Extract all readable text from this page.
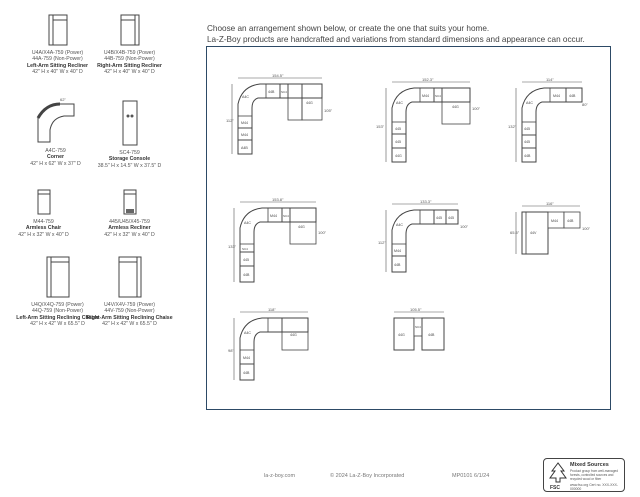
U4A/X4A-759 (Power)
44A-759 (Non-Power)
Left-Arm Sitting Recliner
42" H x 40" W x 40" D
U4B/X4B-759 (Power)
44B-759 (Non-Power)
Right-Arm Sitting Recliner
42" H x 40" W x 40" D
62"
A4C-759
Corner
42" H x 62" W x 37" D
SC4-759
Storage Console
38.5" H x 14.5" W x 37.5" D
M44-759
Armless Chair
42" H x 32" W x 40" D
445/U45/X45-759
Armless Recliner
42" H x 32" W x 40" D
U4Q/X4Q-759 (Power)
44Q-759 (Non-Power)
Left-Arm Sitting Reclining Chaise
42" H x 42" W x 65.5" D
U4V/X4V-759 (Power)
44V-759 (Non-Power)
Right-Arm Sitting Reclining Chaise
42" H x 42" W x 65.5" D
Choose an arrangement shown below, or create the one that suits your home.
La-Z-Boy products are handcrafted and variations from standard dimensions and appearance can occur.
154.5"
112"
105"
A4C
M44
M44
A4B
44B SC4
44G
152.3"
153"
100"
A4C
M44 SC4
44G
445
445
44G
114"
132"
80"
A4C
M44	44B
445
445
44B
153.8"
133"
100"
A4C
M44 SC4
44G
SC4
445
44B
133.3"
112"
100"
A4C
M44
445 445
44B
116"
65.5"
100"
44V
M44	44B
118"
98"
A4C
M44
44B
44G
105.5"
44G
SC4
44B
la-z-boy.com	© 2024 La-Z-Boy Incorporated	MP0101 6/1/24
FSC
Mixed Sources
Product group from well-managed forests, controlled sources and recycled wood or fiber
www.fsc.org Cert no. XXX-XXX-000000
